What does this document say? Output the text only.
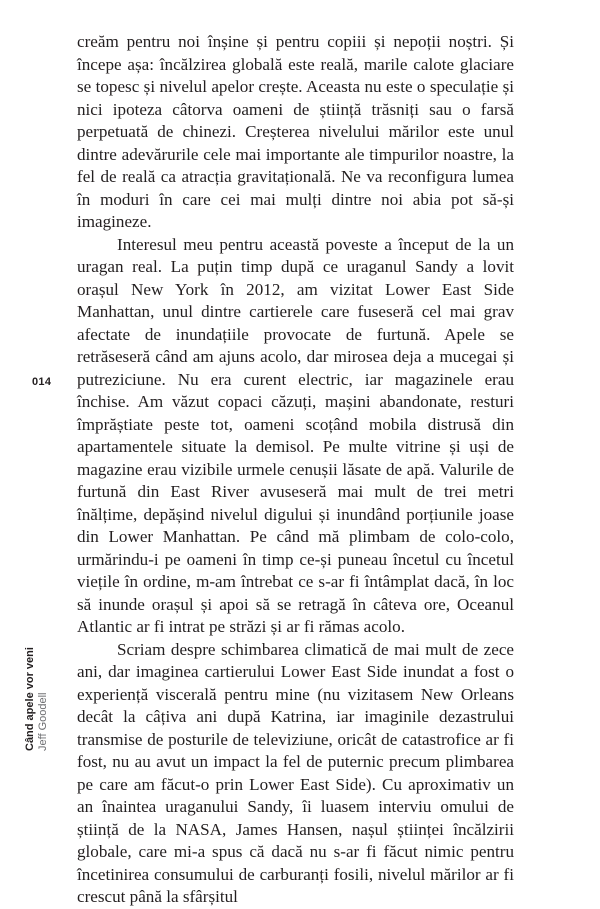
creăm pentru noi înșine și pentru copiii și nepoții noștri. Și începe așa: încălzirea globală este reală, marile calote glaciare se topesc și nivelul apelor crește. Aceasta nu este o speculație și nici ipoteza câtorva oameni de știință trăsniți sau o farsă perpetuată de chinezi. Creșterea nivelului mărilor este unul dintre adevărurile cele mai importante ale timpurilor noastre, la fel de reală ca atracția gravitațională. Ne va reconfigura lumea în moduri în care cei mai mulți dintre noi abia pot să-și imagineze.

Interesul meu pentru această poveste a început de la un uragan real. La puțin timp după ce uraganul Sandy a lovit orașul New York în 2012, am vizitat Lower East Side Manhattan, unul dintre cartierele care fuseseră cel mai grav afectate de inundațiile provocate de furtună. Apele se retrăseseră când am ajuns acolo, dar mirosea deja a mucegai și putreziciune. Nu era curent electric, iar magazinele erau închise. Am văzut copaci căzuți, mașini abandonate, resturi împrăștiate peste tot, oameni scoțând mobila distrusă din apartamentele situate la demisol. Pe multe vitrine și uși de magazine erau vizibile urmele cenușii lăsate de apă. Valurile de furtună din East River avuseseră mai mult de trei metri înălțime, depășind nivelul digului și inundând porțiunile joase din Lower Manhattan. Pe când mă plimbam de colo-colo, urmărindu-i pe oameni în timp ce-și puneau încetul cu încetul viețile în ordine, m-am întrebat ce s-ar fi întâmplat dacă, în loc să inunde orașul și apoi să se retragă în câteva ore, Oceanul Atlantic ar fi intrat pe străzi și ar fi rămas acolo.

Scriam despre schimbarea climatică de mai mult de zece ani, dar imaginea cartierului Lower East Side inundat a fost o experiență viscerală pentru mine (nu vizitasem New Orleans decât la câțiva ani după Katrina, iar imaginile dezastrului transmise de posturile de televiziune, oricât de catastrofice ar fi fost, nu au avut un impact la fel de puternic precum plimbarea pe care am făcut-o prin Lower East Side). Cu aproximativ un an înaintea uraganului Sandy, îi luasem interviu omului de știință de la NASA, James Hansen, nașul științei încălzirii globale, care mi-a spus că dacă nu s-ar fi făcut nimic pentru încetinirea consumului de carburanți fosili, nivelul mărilor ar fi crescut până la sfârșitul

014
Când apele vor veni Jeff Goodell
